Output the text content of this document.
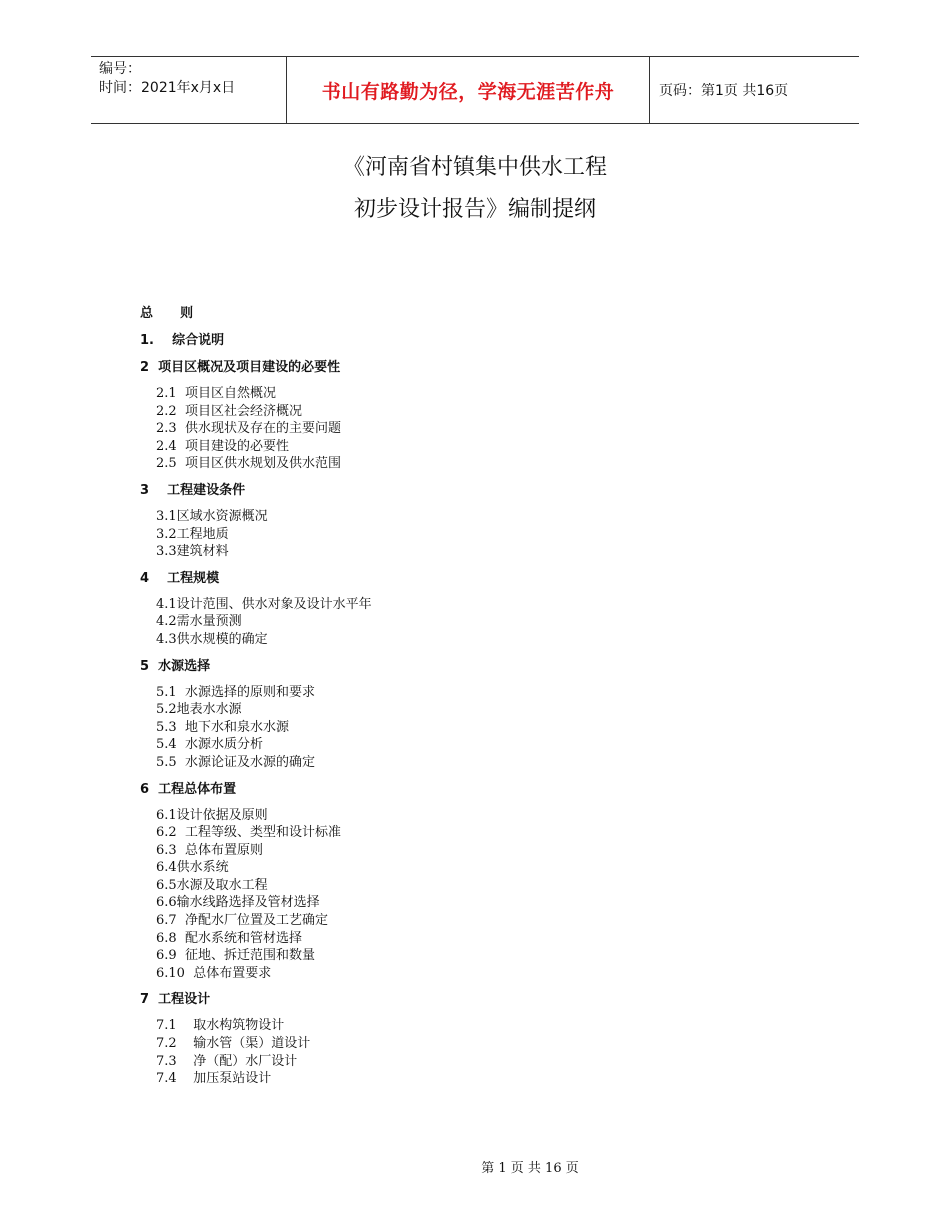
编号：
时间：2021年x月x日	书山有路勤为径，学海无涯苦作舟	页码：第1页 共16页
《河南省村镇集中供水工程
初步设计报告》编制提纲

总      则

1.    综合说明

2  项目区概况及项目建设的必要性

2.1  项目区自然概况
2.2  项目区社会经济概况
2.3  供水现状及存在的主要问题
2.4  项目建设的必要性
2.5  项目区供水规划及供水范围

3    工程建设条件

3.1区域水资源概况
3.2工程地质
3.3建筑材料

4    工程规模

4.1设计范围、供水对象及设计水平年
4.2需水量预测
4.3供水规模的确定

5  水源选择

5.1  水源选择的原则和要求
5.2地表水水源
5.3  地下水和泉水水源
5.4  水源水质分析
5.5  水源论证及水源的确定

6  工程总体布置

6.1设计依据及原则
6.2  工程等级、类型和设计标准
6.3  总体布置原则
6.4供水系统
6.5水源及取水工程
6.6输水线路选择及管材选择
6.7  净配水厂位置及工艺确定
6.8  配水系统和管材选择
6.9  征地、拆迁范围和数量
6.10  总体布置要求

7  工程设计

7.1    取水构筑物设计
7.2    输水管（渠）道设计
7.3    净（配）水厂设计
7.4    加压泵站设计
第 1 页 共 16 页
